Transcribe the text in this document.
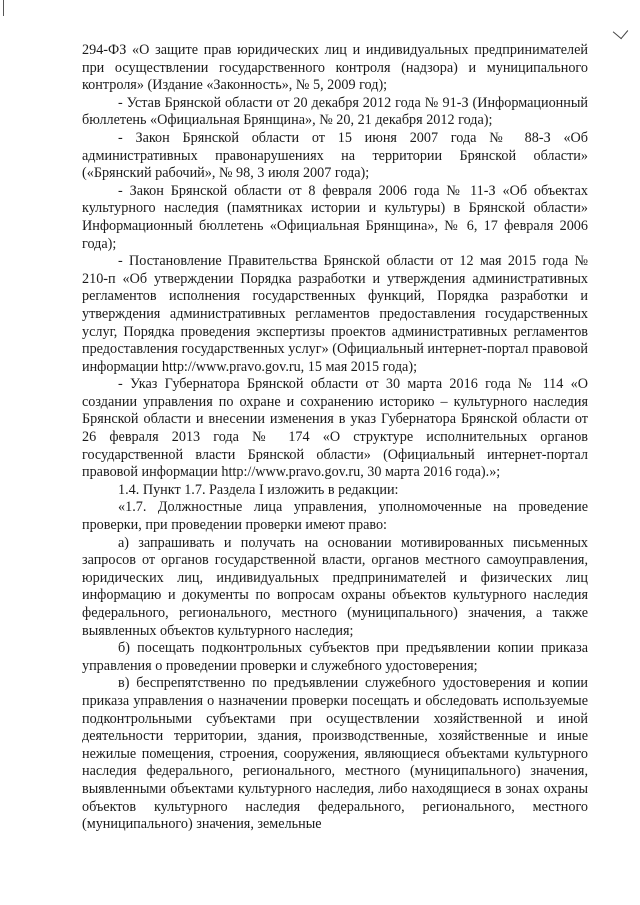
294-ФЗ «О защите прав юридических лиц и индивидуальных предпринимателей при осуществлении государственного контроля (надзора) и муниципального контроля» (Издание «Законность», № 5, 2009 год);

- Устав Брянской области от 20 декабря 2012 года № 91-З (Информационный бюллетень «Официальная Брянщина», № 20, 21 декабря 2012 года);

- Закон Брянской области от 15 июня 2007 года № 88-З «Об административных правонарушениях на территории Брянской области» («Брянский рабочий», № 98, 3 июля 2007 года);

- Закон Брянской области от 8 февраля 2006 года № 11-З «Об объектах культурного наследия (памятниках истории и культуры) в Брянской области» Информационный бюллетень «Официальная Брянщина», № 6, 17 февраля 2006 года);

- Постановление Правительства Брянской области от 12 мая 2015 года № 210-п «Об утверждении Порядка разработки и утверждения административных регламентов исполнения государственных функций, Порядка разработки и утверждения административных регламентов предоставления государственных услуг, Порядка проведения экспертизы проектов административных регламентов предоставления государственных услуг» (Официальный интернет-портал правовой информации http://www.pravo.gov.ru, 15 мая 2015 года);

- Указ Губернатора Брянской области от 30 марта 2016 года № 114 «О создании управления по охране и сохранению историко – культурного наследия Брянской области и внесении изменения в указ Губернатора Брянской области от 26 февраля 2013 года № 174 «О структуре исполнительных органов государственной власти Брянской области» (Официальный интернет-портал правовой информации http://www.pravo.gov.ru, 30 марта 2016 года).»;

1.4. Пункт 1.7. Раздела I изложить в редакции:

«1.7. Должностные лица управления, уполномоченные на проведение проверки, при проведении проверки имеют право:

а) запрашивать и получать на основании мотивированных письменных запросов от органов государственной власти, органов местного самоуправления, юридических лиц, индивидуальных предпринимателей и физических лиц информацию и документы по вопросам охраны объектов культурного наследия федерального, регионального, местного (муниципального) значения, а также выявленных объектов культурного наследия;

б) посещать подконтрольных субъектов при предъявлении копии приказа управления о проведении проверки и служебного удостоверения;

в) беспрепятственно по предъявлении служебного удостоверения и копии приказа управления о назначении проверки посещать и обследовать используемые подконтрольными субъектами при осуществлении хозяйственной и иной деятельности территории, здания, производственные, хозяйственные и иные нежилые помещения, строения, сооружения, являющиеся объектами культурного наследия федерального, регионального, местного (муниципального) значения, выявленными объектами культурного наследия, либо находящиеся в зонах охраны объектов культурного наследия федерального, регионального, местного (муниципального) значения, земельные
